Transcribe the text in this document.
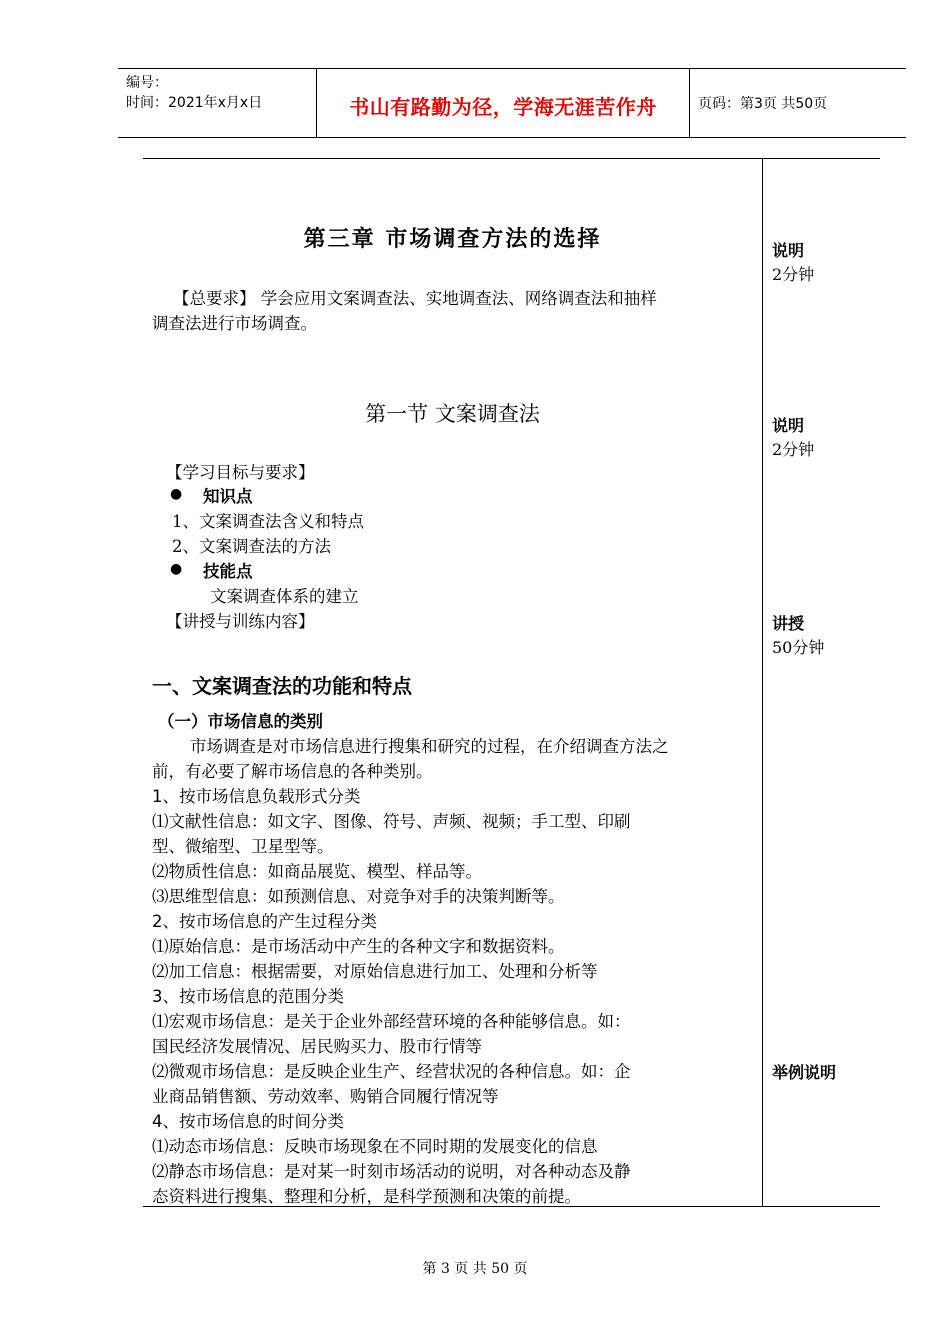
编号：
时间：2021年x月x日	书山有路勤为径，学海无涯苦作舟	页码：第3页 共50页
第三章 市场调查方法的选择
【总要求】 学会应用文案调查法、实地调查法、网络调查法和抽样
调查法进行市场调查。
第一节 文案调查法
【学习目标与要求】
● 知识点
1、文案调查法含义和特点
2、文案调查法的方法
● 技能点
文案调查体系的建立
【讲授与训练内容】
一、文案调查法的功能和特点
（一）市场信息的类别
市场调查是对市场信息进行搜集和研究的过程，在介绍调查方法之
前，有必要了解市场信息的各种类别。
1、按市场信息负载形式分类
⑴文献性信息：如文字、图像、符号、声频、视频；手工型、印刷
型、微缩型、卫星型等。
⑵物质性信息：如商品展览、模型、样品等。
⑶思维型信息：如预测信息、对竞争对手的决策判断等。
2、按市场信息的产生过程分类
⑴原始信息：是市场活动中产生的各种文字和数据资料。
⑵加工信息：根据需要，对原始信息进行加工、处理和分析等
3、按市场信息的范围分类
⑴宏观市场信息：是关于企业外部经营环境的各种能够信息。如：
国民经济发展情况、居民购买力、股市行情等
⑵微观市场信息：是反映企业生产、经营状况的各种信息。如：企
业商品销售额、劳动效率、购销合同履行情况等
4、按市场信息的时间分类
⑴动态市场信息：反映市场现象在不同时期的发展变化的信息
⑵静态市场信息：是对某一时刻市场活动的说明，对各种动态及静
态资料进行搜集、整理和分析，是科学预测和决策的前提。
说明
2分钟
说明
2分钟
讲授
50分钟
举例说明
第 3 页 共 50 页
